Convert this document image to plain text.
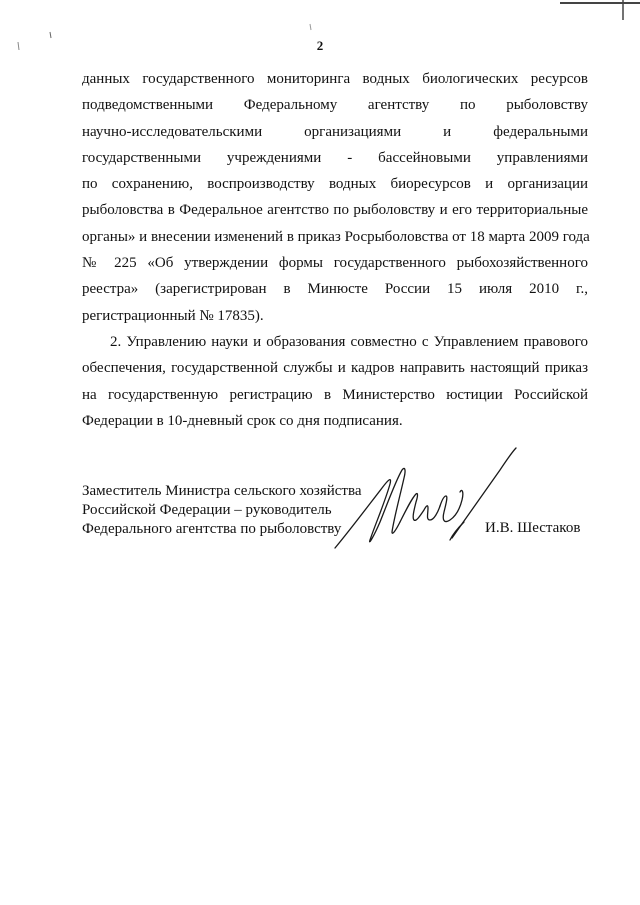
2
данных государственного мониторинга водных биологических ресурсов
подведомственными Федеральному агентству по рыболовству
научно-исследовательскими организациями и федеральными
государственными учреждениями - бассейновыми управлениями
по сохранению, воспроизводству водных биоресурсов и организации
рыболовства в Федеральное агентство по рыболовству и его территориальные
органы» и внесении изменений в приказ Росрыболовства от 18 марта 2009 года
№ 225 «Об утверждении формы государственного рыбохозяйственного
реестра» (зарегистрирован в Минюсте России 15 июля 2010 г.,
регистрационный № 17835).
2. Управлению науки и образования совместно с Управлением правового
обеспечения, государственной службы и кадров направить настоящий приказ
на государственную регистрацию в Министерство юстиции Российской
Федерации в 10-дневный срок со дня подписания.
Заместитель Министра сельского хозяйства
Российской Федерации – руководитель
Федерального агентства по рыболовству	И.В. Шестаков
